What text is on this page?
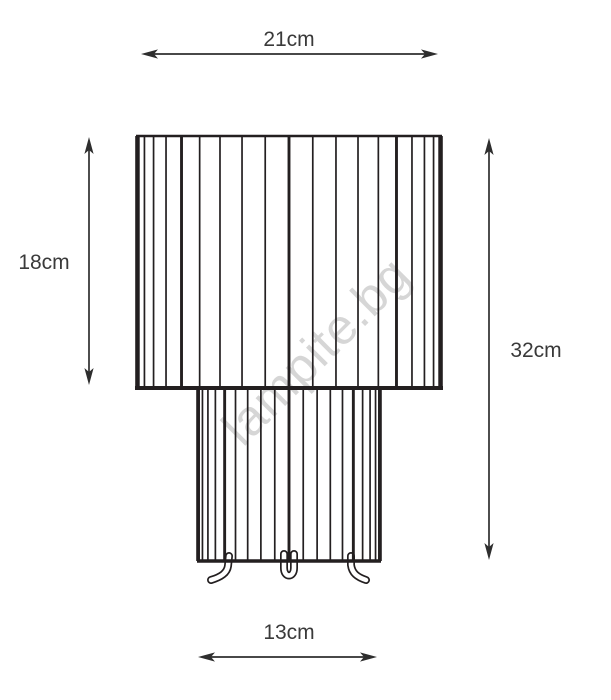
lampite.bg
21cm
18cm
32cm
13cm
